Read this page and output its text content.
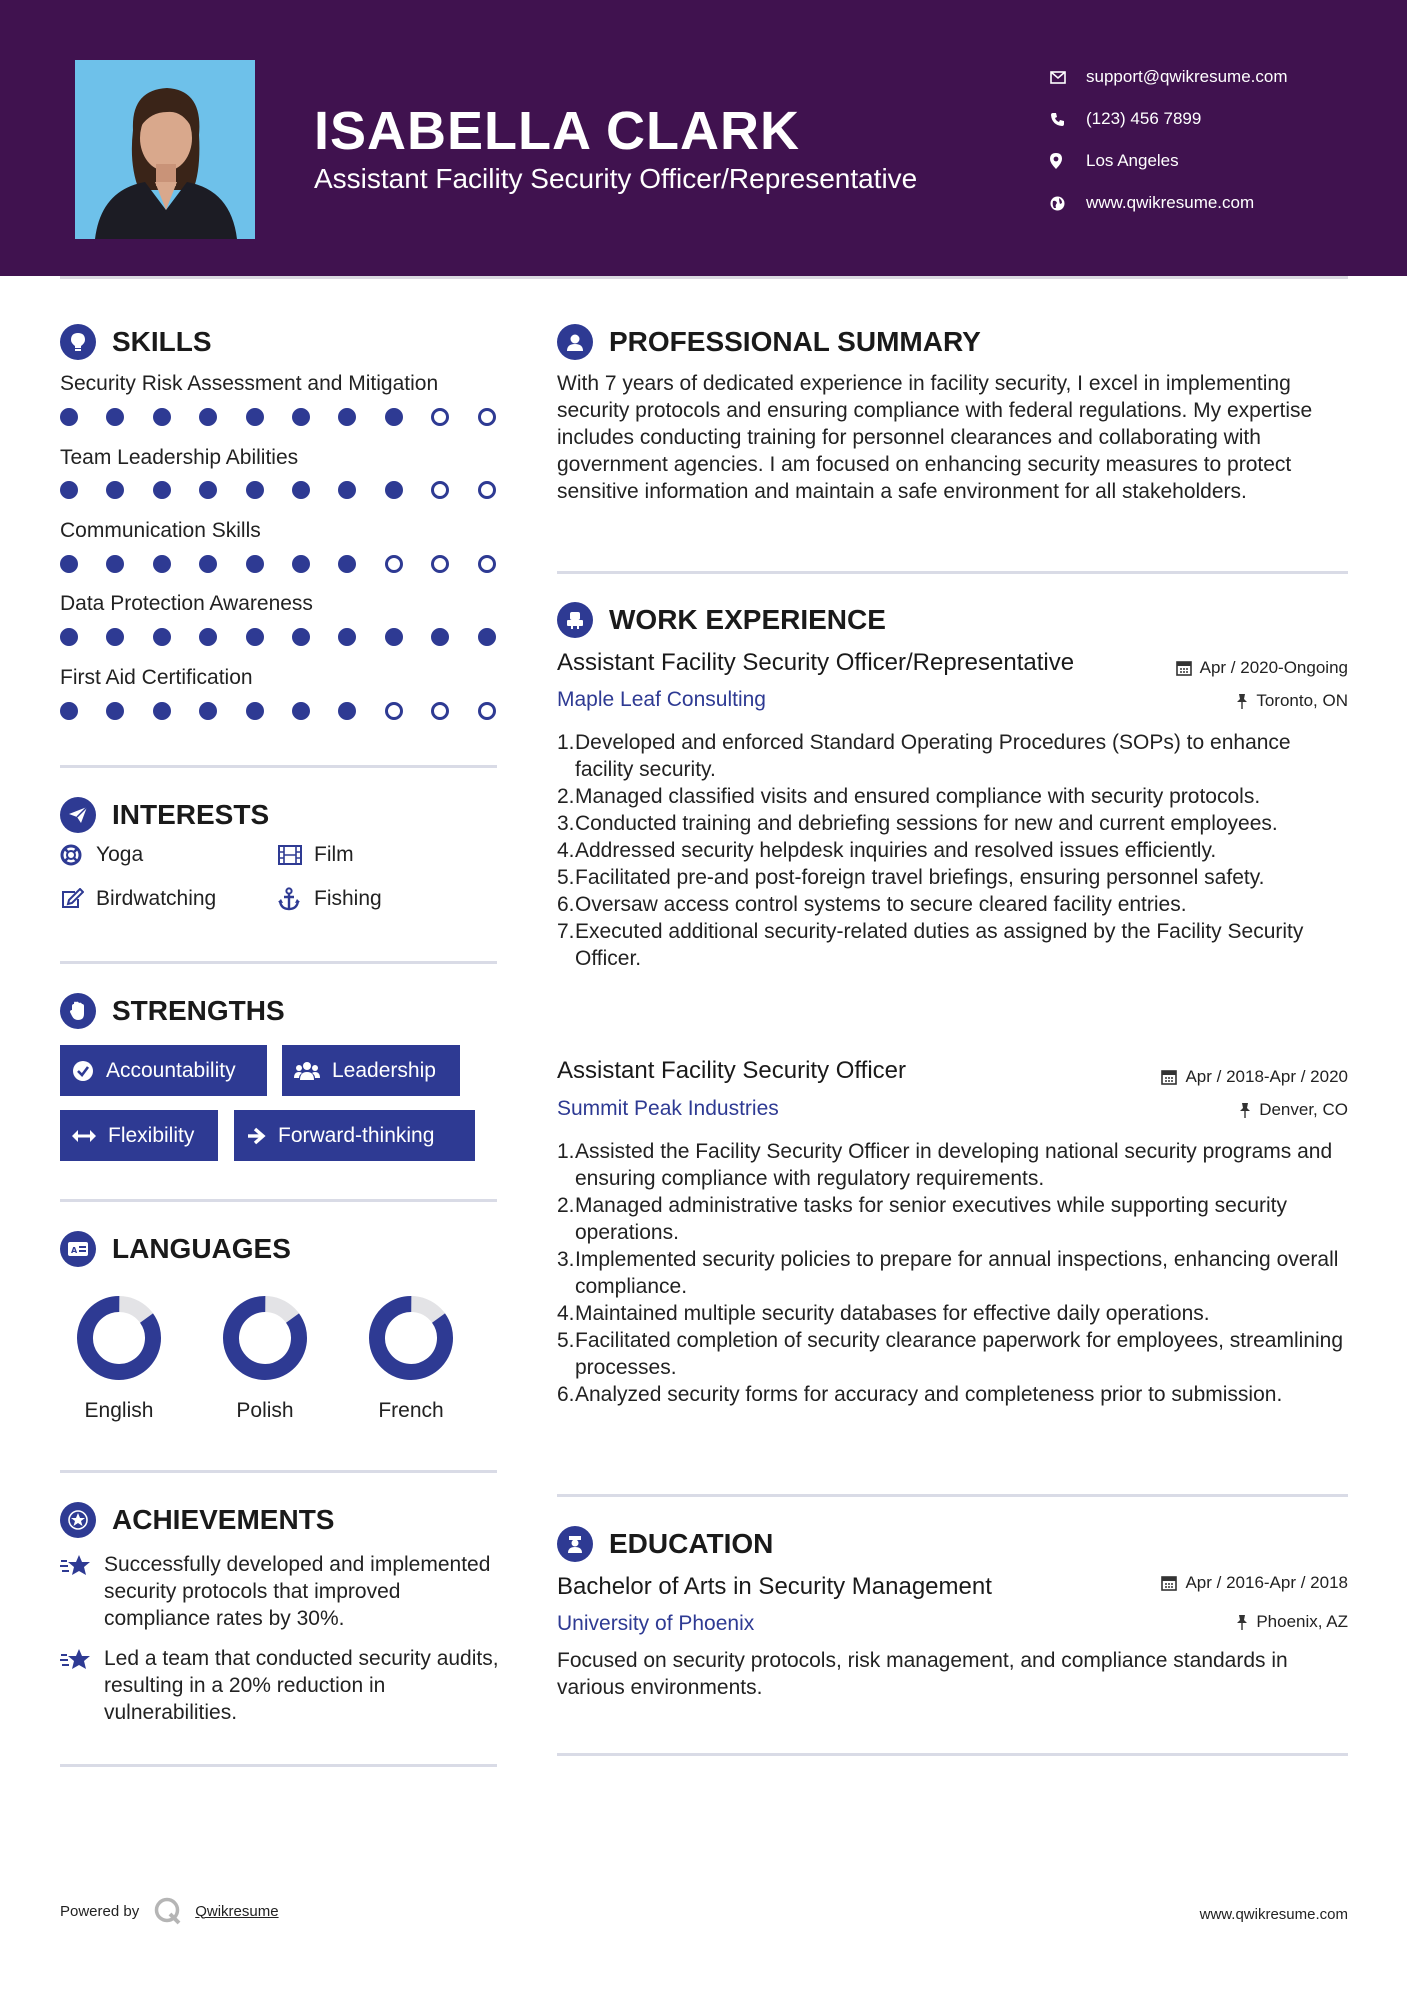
ISABELLA CLARK
Assistant Facility Security Officer/Representative
support@qwikresume.com
(123) 456 7899
Los Angeles
www.qwikresume.com
SKILLS
Security Risk Assessment and Mitigation
Team Leadership Abilities
Communication Skills
Data Protection Awareness
First Aid Certification
INTERESTS
Yoga	Film
Birdwatching	Fishing
STRENGTHS
Accountability	Leadership
Flexibility	Forward-thinking
A LANGUAGES
English	Polish	French
ACHIEVEMENTS
Successfully developed and implemented security protocols that improved compliance rates by 30%.
Led a team that conducted security audits, resulting in a 20% reduction in vulnerabilities.
PROFESSIONAL SUMMARY
With 7 years of dedicated experience in facility security, I excel in implementing security protocols and ensuring compliance with federal regulations. My expertise includes conducting training for personnel clearances and collaborating with government agencies. I am focused on enhancing security measures to protect sensitive information and maintain a safe environment for all stakeholders.
WORK EXPERIENCE
Assistant Facility Security Officer/Representative	Apr / 2020-Ongoing
Maple Leaf Consulting	Toronto, ON
1. Developed and enforced Standard Operating Procedures (SOPs) to enhance facility security.
2. Managed classified visits and ensured compliance with security protocols.
3. Conducted training and debriefing sessions for new and current employees.
4. Addressed security helpdesk inquiries and resolved issues efficiently.
5. Facilitated pre-and post-foreign travel briefings, ensuring personnel safety.
6. Oversaw access control systems to secure cleared facility entries.
7. Executed additional security-related duties as assigned by the Facility Security Officer.
Assistant Facility Security Officer	Apr / 2018-Apr / 2020
Summit Peak Industries	Denver, CO
1. Assisted the Facility Security Officer in developing national security programs and ensuring compliance with regulatory requirements.
2. Managed administrative tasks for senior executives while supporting security operations.
3. Implemented security policies to prepare for annual inspections, enhancing overall compliance.
4. Maintained multiple security databases for effective daily operations.
5. Facilitated completion of security clearance paperwork for employees, streamlining processes.
6. Analyzed security forms for accuracy and completeness prior to submission.
EDUCATION
Bachelor of Arts in Security Management	Apr / 2016-Apr / 2018
University of Phoenix	Phoenix, AZ
Focused on security protocols, risk management, and compliance standards in various environments.
Powered by	Qwikresume	www.qwikresume.com
